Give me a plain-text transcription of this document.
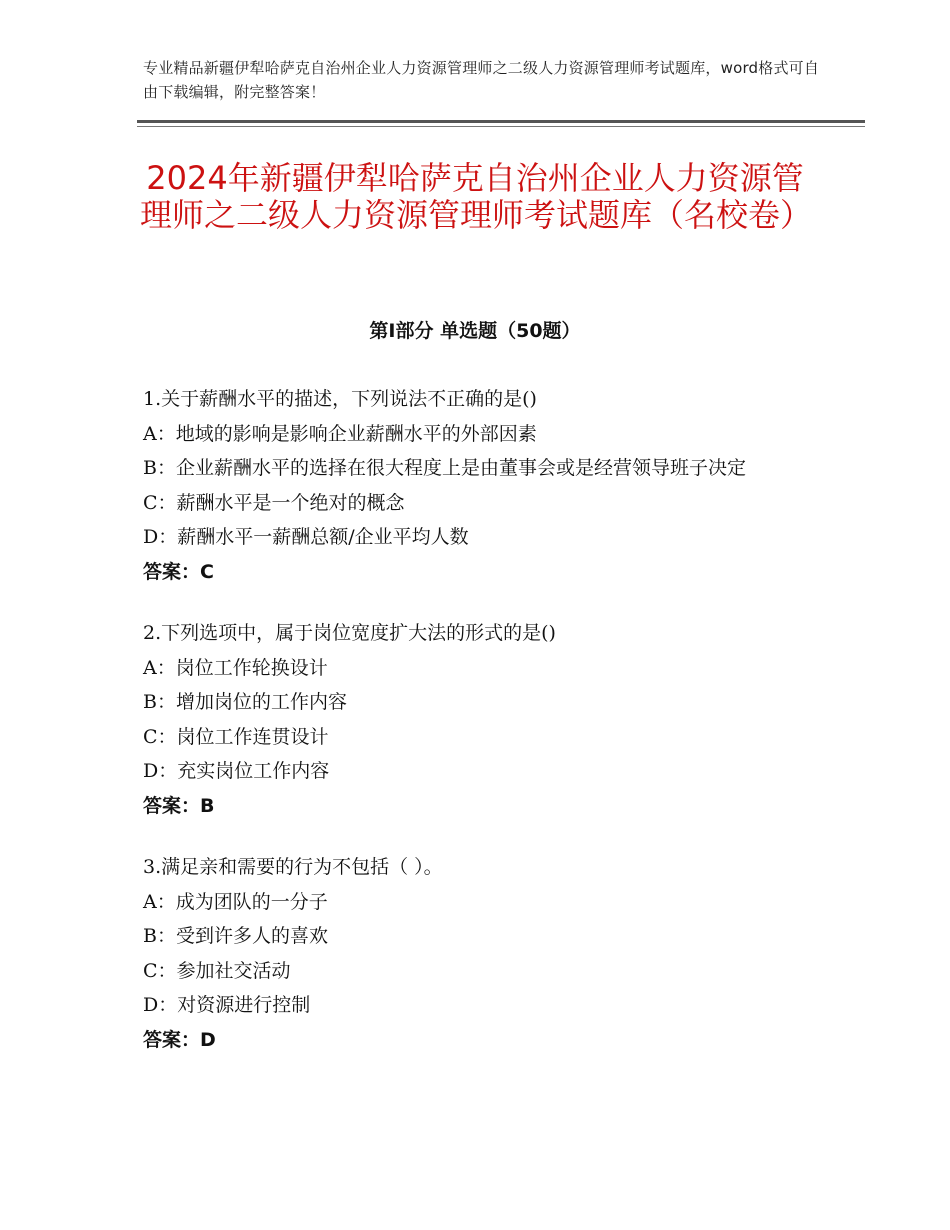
专业精品新疆伊犁哈萨克自治州企业人力资源管理师之二级人力资源管理师考试题库，word格式可自由下载编辑，附完整答案！
2024年新疆伊犁哈萨克自治州企业人力资源管理师之二级人力资源管理师考试题库（名校卷）
第Ⅰ部分 单选题（50题）
1.关于薪酬水平的描述，下列说法不正确的是()
A：地域的影响是影响企业薪酬水平的外部因素
B：企业薪酬水平的选择在很大程度上是由董事会或是经营领导班子决定
C：薪酬水平是一个绝对的概念
D：薪酬水平一薪酬总额/企业平均人数
答案：C
2.下列选项中，属于岗位宽度扩大法的形式的是()
A：岗位工作轮换设计
B：增加岗位的工作内容
C：岗位工作连贯设计
D：充实岗位工作内容
答案：B
3.满足亲和需要的行为不包括（ ）。
A：成为团队的一分子
B：受到许多人的喜欢
C：参加社交活动
D：对资源进行控制
答案：D
